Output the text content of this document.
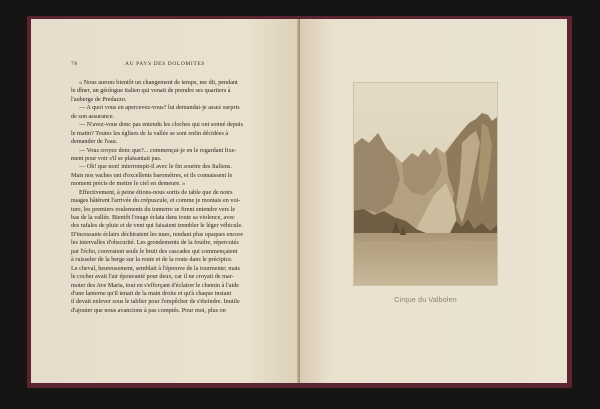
78	AU PAYS DES DOLOMITES
« Nous aurons bientôt un changement de temps, me dit, pendant
le dîner, un géologue italien qui venait de prendre ses quartiers à
l'auberge de Predazzo.
— A quoi vous en apercevez-vous? lui demandai-je assez surpris
de son assurance.
— N'avez-vous donc pas entendu les cloches qui ont sonné depuis
le matin? Toutes les églises de la vallée se sont enfin décidées à
demander de l'eau.
— Vous croyez donc que?... commençai-je en le regardant fixe-
ment pour voir s'il se plaisantait pas.
— Oh! que non! interrompit-il avec le fin sourire des Italiens.
Mais nos vaches ont d'excellents baromètres, et ils connaissent le
moment précis de mettre le ciel en demeure. »
Effectivement, à peine étions-nous sortis de table que de noirs
nuages hâtèrent l'arrivée du crépuscule, et comme je montais en voi-
ture, les premiers roulements du tonnerre se firent entendre vers le
bas de la vallée. Bientôt l'orage éclata dans toute sa violence, avec
des rafales de pluie et de vent qui faisaient trembler le léger véhicule.
D'incessants éclairs déchiraient les nues, rendant plus opaques encore
les intervalles d'obscurité. Les grondements de la foudre, répercutés
par l'écho, couvraient seuls le bruit des cascades qui commençaient
à ruisseler de la berge sur la route et de la route dans le précipice.
Le cheval, heureusement, semblait à l'épreuve de la tourmente; mais
le cocher avait l'air épouvanté pour deux, car il ne croyait de mar-
moter des Ave Maria, tout en s'efforçant d'éclairer le chemin à l'aide
d'une lanterne qu'il tenait de la main droite et qu'à chaque instant
il devait enlever sous le tablier pour l'empêcher de s'éteindre. Inutile
d'ajouter que nous avancions à pas comptés. Pour moi, plus on
Cirque du Valbolen
